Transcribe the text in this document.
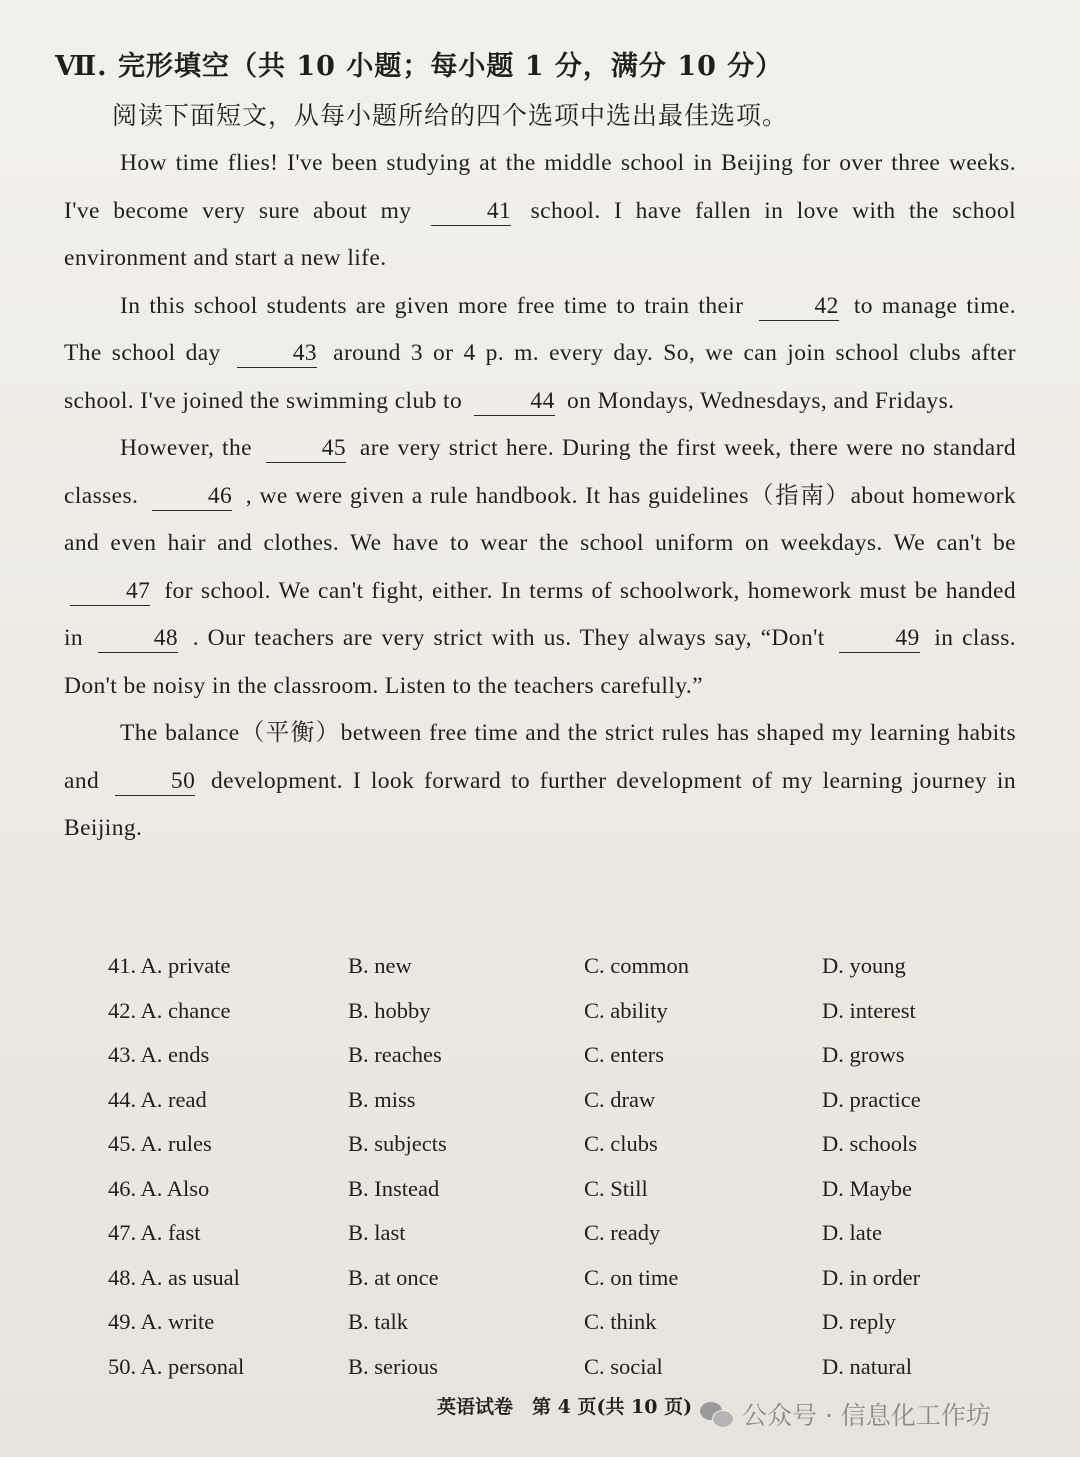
Ⅶ. 完形填空（共 10 小题；每小题 1 分，满分 10 分）
阅读下面短文，从每小题所给的四个选项中选出最佳选项。

How time flies! I've been studying at the middle school in Beijing for over three weeks. I've become very sure about my	41 school. I have fallen in love with the school environment and start a new life.

In this school students are given more free time to train their	42 to manage time. The school day	43 around 3 or 4 p. m. every day. So, we can join school clubs after school. I've joined the swimming club to	44 on Mondays, Wednesdays, and Fridays.

However, the	45 are very strict here. During the first week, there were no standard classes.	46 , we were given a rule handbook. It has guidelines（指南）about homework and even hair and clothes. We have to wear the school uniform on weekdays. We can't be 47 for school. We can't fight, either. In terms of schoolwork, homework must be handed in	48 . Our teachers are very strict with us. They always say, “Don't	49 in class. Don't be noisy in the classroom. Listen to the teachers carefully.”

The balance（平衡）between free time and the strict rules has shaped my learning habits and	50 development. I look forward to further development of my learning journey in Beijing.

41. A. private	B. new	C. common	D. young
42. A. chance	B. hobby	C. ability	D. interest
43. A. ends	B. reaches	C. enters	D. grows
44. A. read	B. miss	C. draw	D. practice
45. A. rules	B. subjects	C. clubs	D. schools
46. A. Also	B. Instead	C. Still	D. Maybe
47. A. fast	B. last	C. ready	D. late
48. A. as usual	B. at once	C. on time	D. in order
49. A. write	B. talk	C. think	D. reply
50. A. personal	B. serious	C. social	D. natural
英语试卷　第 4 页(共 10 页) 公众号 · 信息化工作坊
